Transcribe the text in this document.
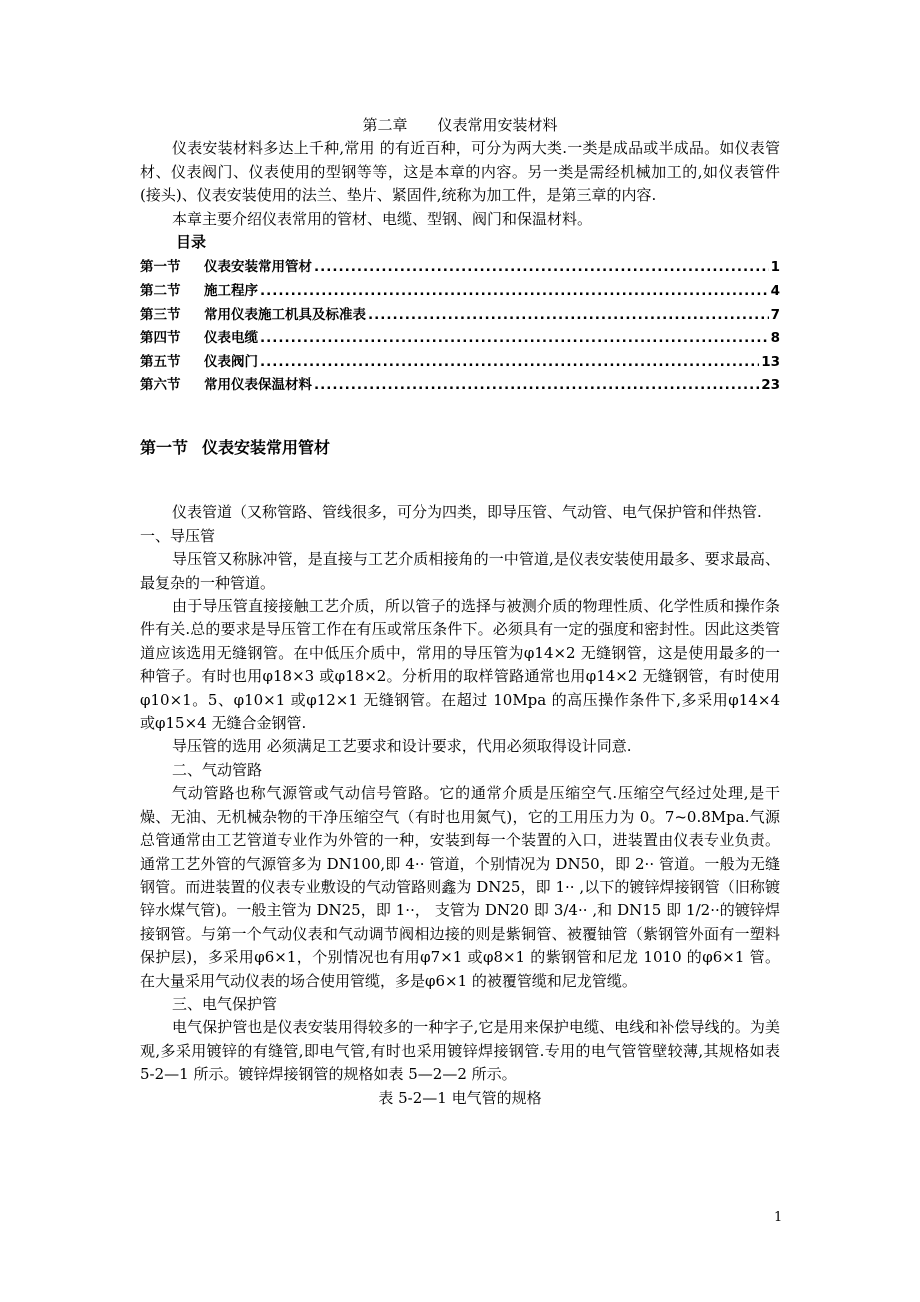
第二章 仪表常用安装材料

仪表安装材料多达上千种,常用 的有近百种，可分为两大类.一类是成品或半成品。如仪表管材、仪表阀门、仪表使用的型钢等等，这是本章的内容。另一类是需经机械加工的,如仪表管件(接头)、仪表安装使用的法兰、垫片、紧固件,统称为加工件，是第三章的内容.

本章主要介绍仪表常用的管材、电缆、型钢、阀门和保温材料。

目录

第一节	仪表安装常用管材 .....	1
第二节	施工程序 .....	4
第三节	常用仪表施工机具及标准表 .....	7
第四节	仪表电缆 .....	8
第五节	仪表阀门 .....	13
第六节	常用仪表保温材料 .....	23

第一节 仪表安装常用管材

仪表管道（又称管路、管线很多，可分为四类，即导压管、气动管、电气保护管和伴热管.

一、导压管

导压管又称脉冲管，是直接与工艺介质相接角的一中管道,是仪表安装使用最多、要求最高、最复杂的一种管道。

由于导压管直接接触工艺介质，所以管子的选择与被测介质的物理性质、化学性质和操作条件有关.总的要求是导压管工作在有压或常压条件下。必须具有一定的强度和密封性。因此这类管道应该选用无缝钢管。在中低压介质中，常用的导压管为φ14×2 无缝钢管，这是使用最多的一种管子。有时也用φ18×3 或φ18×2。分析用的取样管路通常也用φ14×2 无缝钢管，有时使用φ10×1。5、φ10×1 或φ12×1 无缝钢管。在超过 10Mpa 的高压操作条件下,多采用φ14×4 或φ15×4 无缝合金钢管.

导压管的选用 必须满足工艺要求和设计要求，代用必须取得设计同意.

二、气动管路

气动管路也称气源管或气动信号管路。它的通常介质是压缩空气.压缩空气经过处理,是干燥、无油、无机械杂物的干净压缩空气（有时也用氮气)，它的工用压力为 0。7~0.8Mpa.气源总管通常由工艺管道专业作为外管的一种，安装到每一个装置的入口，进装置由仪表专业负责。通常工艺外管的气源管多为 DN100,即 4·· 管道，个别情况为 DN50，即 2·· 管道。一般为无缝钢管。而进装置的仪表专业敷设的气动管路则鑫为 DN25，即 1·· ,以下的镀锌焊接钢管（旧称镀锌水煤气管)。一般主管为 DN25，即 1··， 支管为 DN20 即 3/4·· ,和 DN15 即 1/2··的镀锌焊接钢管。与第一个气动仪表和气动调节阀相边接的则是紫铜管、被覆铀管（紫钢管外面有一塑料保护层)，多采用φ6×1，个别情况也有用φ7×1 或φ8×1 的紫钢管和尼龙 1010 的φ6×1 管。在大量采用气动仪表的场合使用管缆，多是φ6×1 的被覆管缆和尼龙管缆。

三、电气保护管

电气保护管也是仪表安装用得较多的一种字子,它是用来保护电缆、电线和补偿导线的。为美观,多采用镀锌的有缝管,即电气管,有时也采用镀锌焊接钢管.专用的电气管管壁较薄,其规格如表 5-2—1 所示。镀锌焊接钢管的规格如表 5—2—2 所示。

表 5-2—1 电气管的规格

1
